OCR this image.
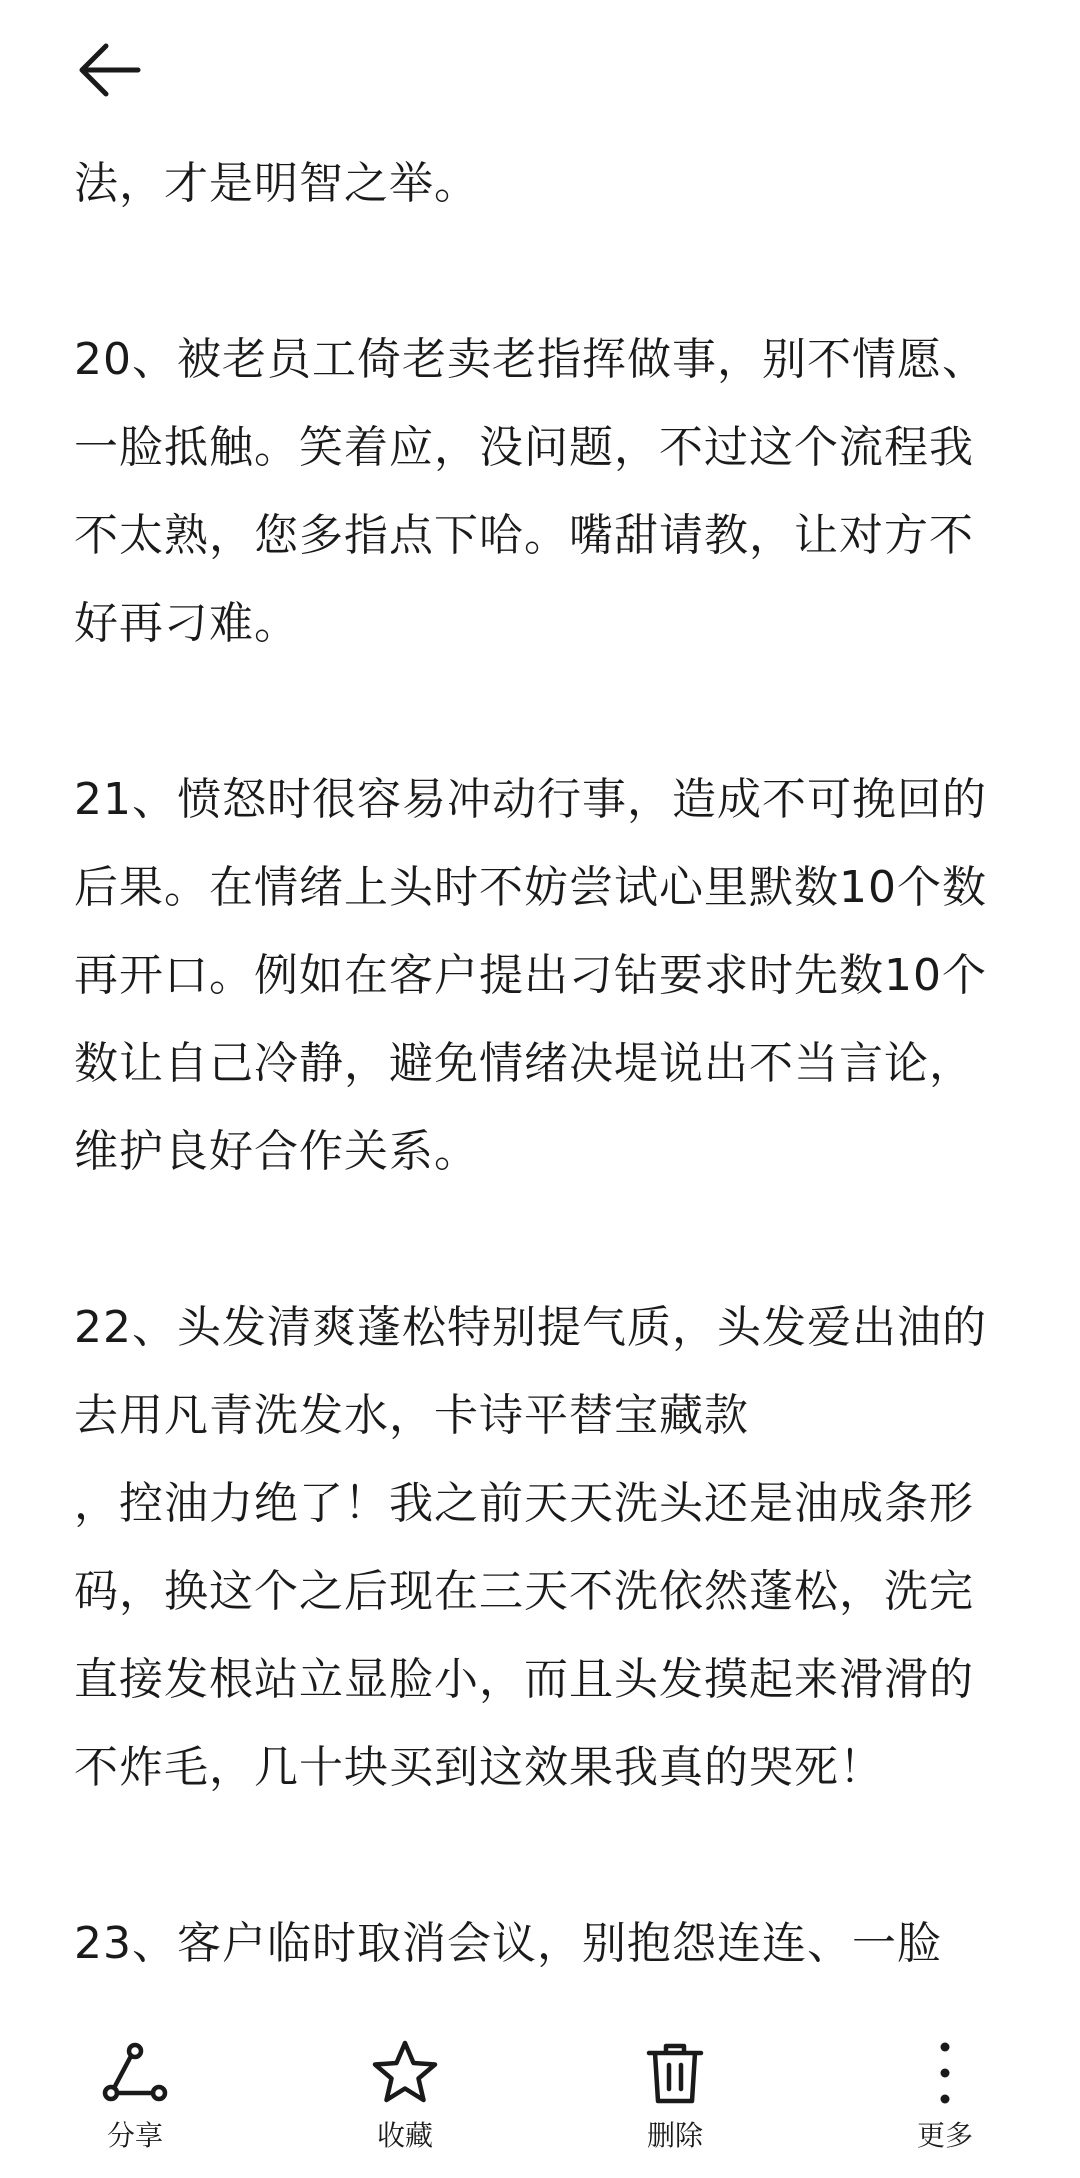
法，才是明智之举。

20、被老员工倚老卖老指挥做事，别不情愿、一脸抵触。笑着应，没问题，不过这个流程我不太熟，您多指点下哈。嘴甜请教，让对方不好再刁难。

21、愤怒时很容易冲动行事，造成不可挽回的后果。在情绪上头时不妨尝试心里默数10个数再开口。例如在客户提出刁钻要求时先数10个数让自己冷静，避免情绪决堤说出不当言论，维护良好合作关系。

22、头发清爽蓬松特别提气质，头发爱出油的去用凡青洗发水，卡诗平替宝藏款
，控油力绝了！我之前天天洗头还是油成条形码，换这个之后现在三天不洗依然蓬松，洗完直接发根站立显脸小，而且头发摸起来滑滑的不炸毛，几十块买到这效果我真的哭死！

23、客户临时取消会议，别抱怨连连、一脸

分享	收藏	删除	更多
